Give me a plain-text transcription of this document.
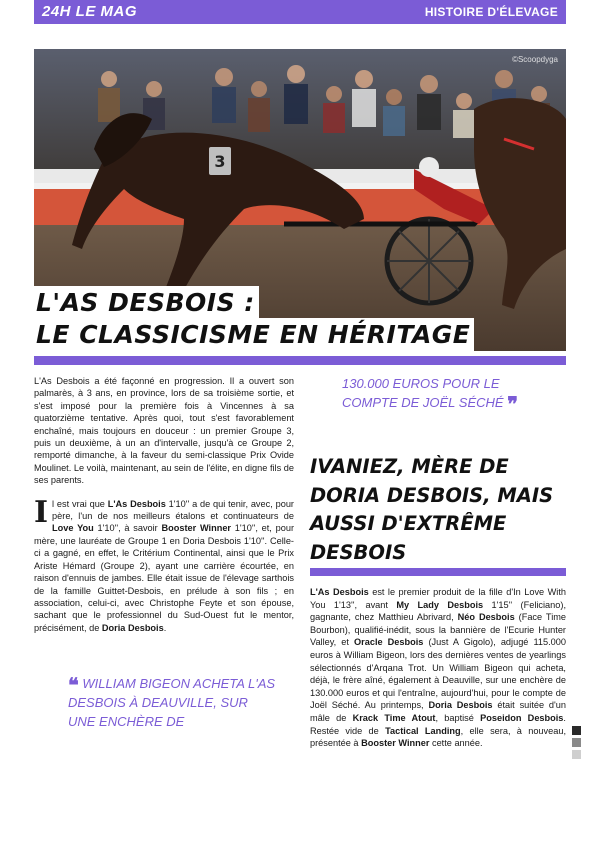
24H LE MAG	HISTOIRE D'ÉLEVAGE
3
©Scoopdyga
L'AS DESBOIS :
LE CLASSICISME EN HÉRITAGE

L'As Desbois a été façonné en progression. Il a ouvert son palmarès, à 3 ans, en province, lors de sa troisième sortie, et s'est imposé pour la première fois à Vincennes à sa quatorzième tentative. Après quoi, tout s'est favorablement enchaîné, mais toujours en douceur : un premier Groupe 3, puis un deuxième, à un an d'intervalle, jusqu'à ce Groupe 2, remporté dimanche, à la faveur du semi-classique Prix Ovide Moulinet. Le voilà, maintenant, au sein de l'élite, en digne fils de ses parents.

Il est vrai que L'As Desbois 1'10'' a de qui tenir, avec, pour père, l'un de nos meilleurs étalons et continuateurs de Love You 1'10'', à savoir Booster Winner 1'10'', et, pour mère, une lauréate de Groupe 1 en Doria Desbois 1'10''. Celle-ci a gagné, en effet, le Critérium Continental, ainsi que le Prix Ariste Hémard (Groupe 2), ayant une carrière écourtée, en raison d'ennuis de jambes. Elle était issue de l'élevage sarthois de la famille Guittet-Desbois, en prélude à son fils ; en association, celui-ci, avec Christophe Feyte et son épouse, sachant que le professionnel du Sud-Ouest fut le mentor, précisément, de Doria Desbois.

❝ WILLIAM BIGEON ACHETA L'AS DESBOIS À DEAUVILLE, SUR UNE ENCHÈRE DE
130.000 EUROS POUR LE COMPTE DE JOËL SÉCHÉ ❞
IVANIEZ, MÈRE DE DORIA DESBOIS, MAIS AUSSI D'EXTRÊME DESBOIS

L'As Desbois est le premier produit de la fille d'In Love With You 1'13'', avant My Lady Desbois 1'15'' (Feliciano), gagnante, chez Matthieu Abrivard, Néo Desbois (Face Time Bourbon), qualifié-inédit, sous la bannière de l'Ecurie Hunter Valley, et Oracle Desbois (Just A Gigolo), adjugé 115.000 euros à William Bigeon, lors des dernières ventes de yearlings sélectionnés d'Arqana Trot. Un William Bigeon qui acheta, déjà, le frère aîné, également à Deauville, sur une enchère de 130.000 euros et qui l'entraîne, aujourd'hui, pour le compte de Joël Séché. Au printemps, Doria Desbois était suitée d'un mâle de Krack Time Atout, baptisé Poseidon Desbois. Restée vide de Tactical Landing, elle sera, à nouveau, présentée à Booster Winner cette année.
